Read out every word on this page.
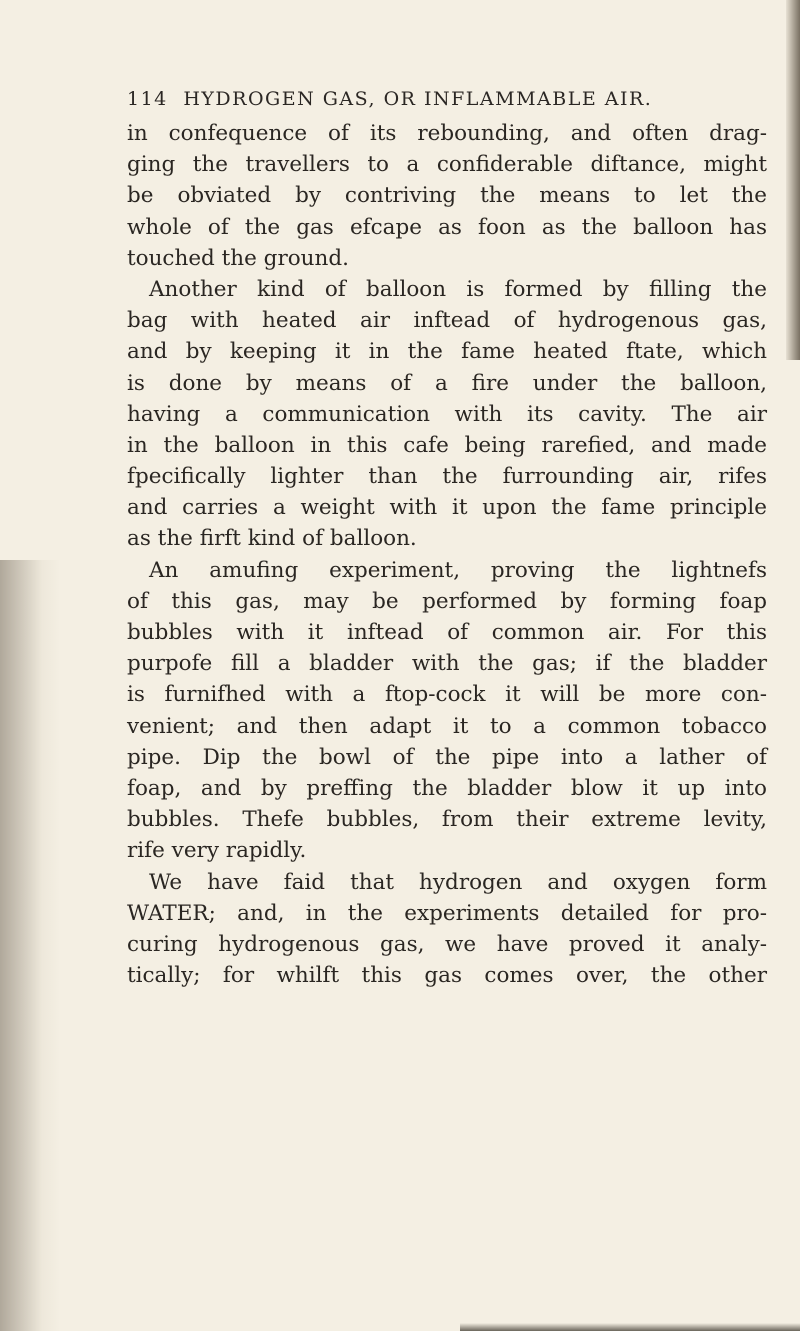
114 HYDROGEN GAS, OR INFLAMMABLE AIR.
in confequence of its rebounding, and often drag-
ging the travellers to a confiderable diftance, might
be obviated by contriving the means to let the
whole of the gas efcape as foon as the balloon has
touched the ground.
Another kind of balloon is formed by filling the
bag with heated air inftead of hydrogenous gas,
and by keeping it in the fame heated ftate, which
is done by means of a fire under the balloon,
having a communication with its cavity. The air
in the balloon in this cafe being rarefied, and made
fpecifically lighter than the furrounding air, rifes
and carries a weight with it upon the fame principle
as the firft kind of balloon.
An amufing experiment, proving the lightnefs
of this gas, may be performed by forming foap
bubbles with it inftead of common air. For this
purpofe fill a bladder with the gas; if the bladder
is furnifhed with a ftop-cock it will be more con-
venient; and then adapt it to a common tobacco
pipe. Dip the bowl of the pipe into a lather of
foap, and by preffing the bladder blow it up into
bubbles. Thefe bubbles, from their extreme levity,
rife very rapidly.
We have faid that hydrogen and oxygen form
WATER; and, in the experiments detailed for pro-
curing hydrogenous gas, we have proved it analy-
tically; for whilft this gas comes over, the other
